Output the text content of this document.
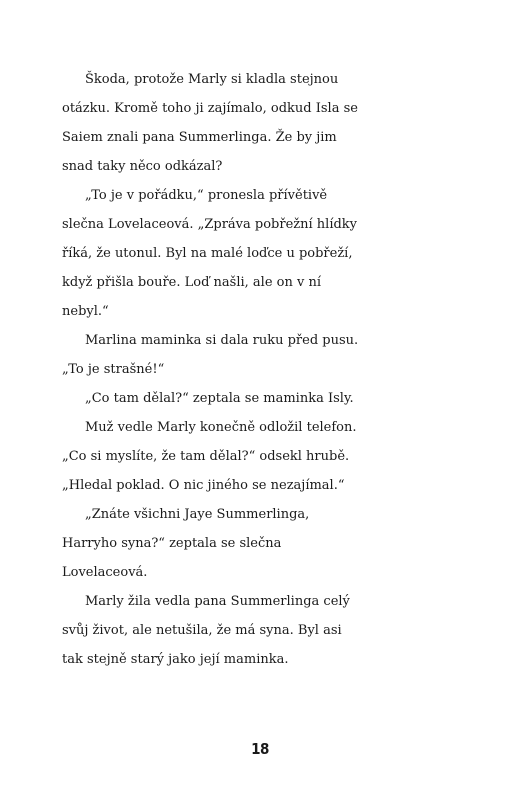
Škoda, protože Marly si kladla stejnou
otázku. Kromě toho ji zajímalo, odkud Isla se
Saiem znali pana Summerlinga. Že by jim
snad taky něco odkázal?

„To je v pořádku,“ pronesla přívětivě
slečna Lovelaceová. „Zpráva pobřežní hlídky
říká, že utonul. Byl na malé loďce u pobřeží,
když přišla bouře. Loď našli, ale on v ní
nebyl.“

Marlina maminka si dala ruku před pusu.
„To je strašné!“

„Co tam dělal?“ zeptala se maminka Isly.

Muž vedle Marly konečně odložil telefon.
„Co si myslíte, že tam dělal?“ odsekl hrubě.
„Hledal poklad. O nic jiného se nezajímal.“

„Znáte všichni Jaye Summerlinga,
Harryho syna?“ zeptala se slečna
Lovelaceová.

Marly žila vedla pana Summerlinga celý
svůj život, ale netušila, že má syna. Byl asi
tak stejně starý jako její maminka.

18
